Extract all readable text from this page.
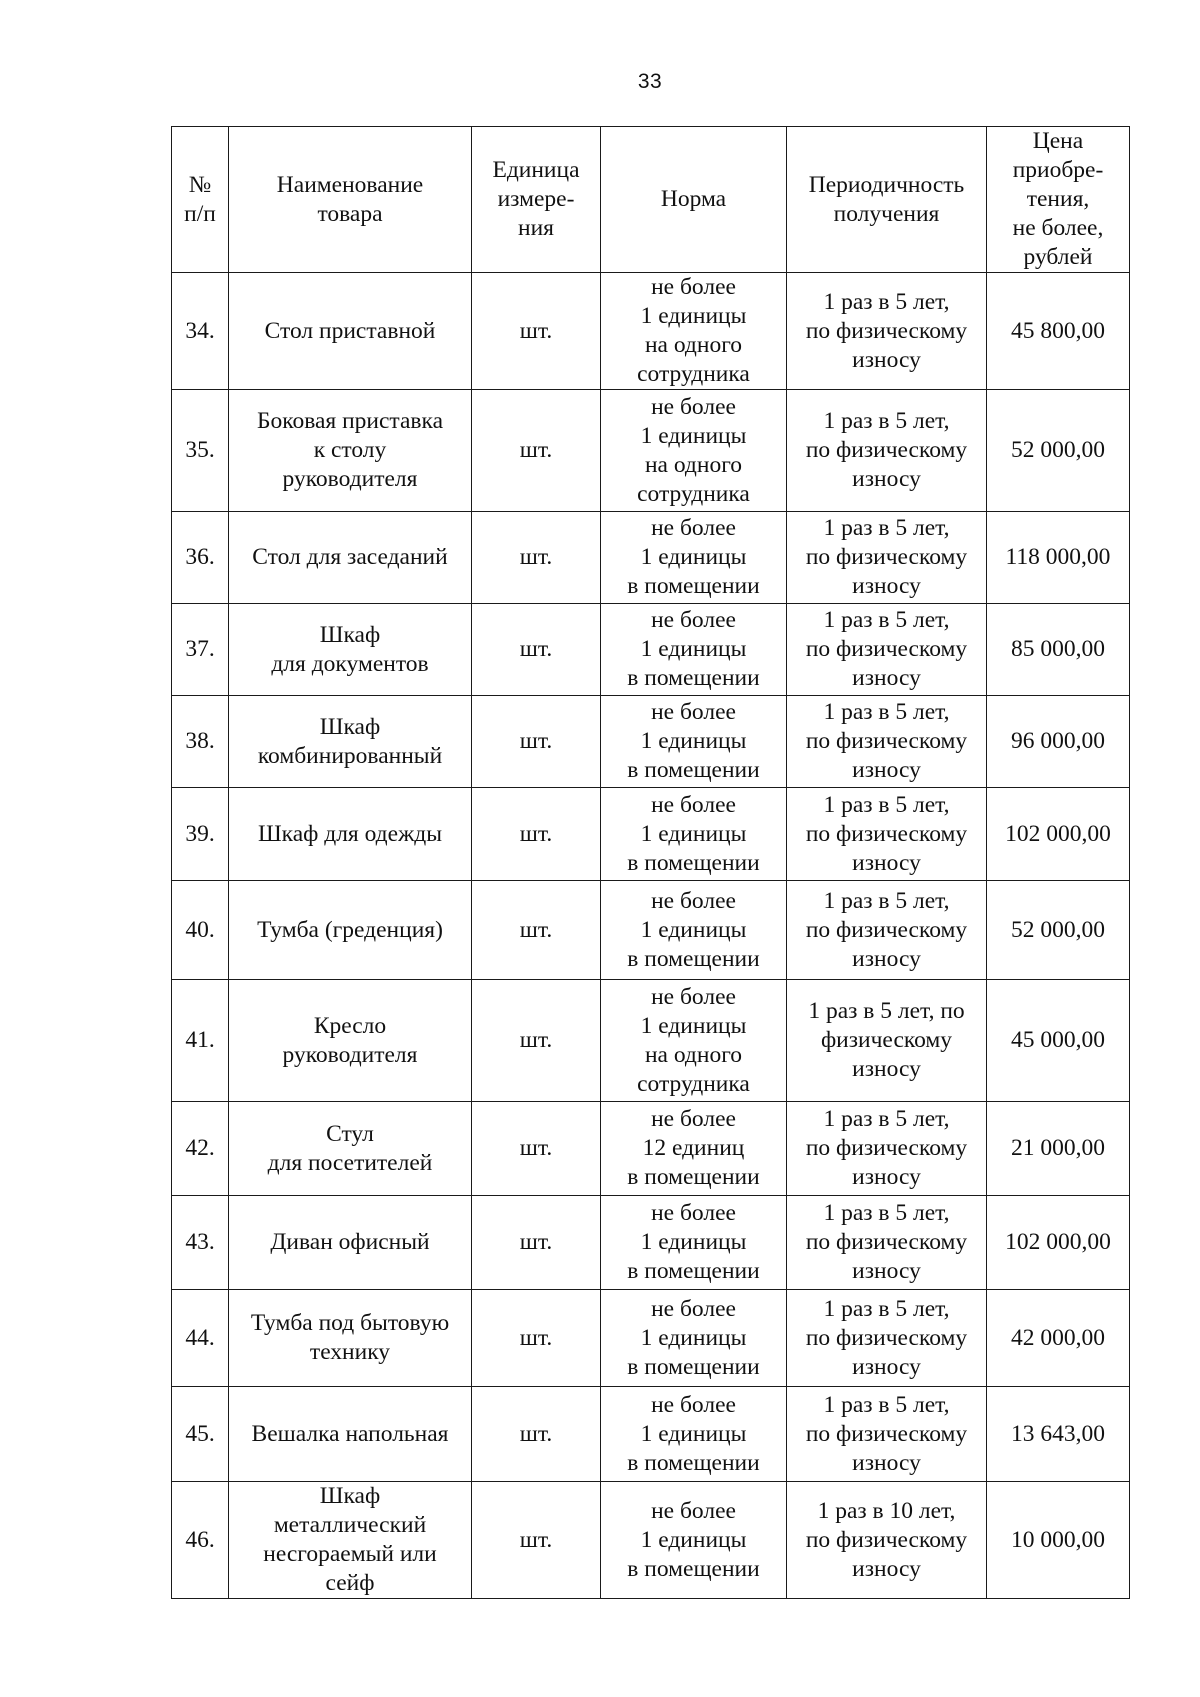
33
№
п/п	Наименование
товара	Единица
измере-
ния	Норма	Периодичность
получения	Цена
приобре-
тения,
не более,
рублей

34.	Стол приставной	шт.	не более
1 единицы
на одного
сотрудника	1 раз в 5 лет,
по физическому
износу	45 800,00
35.	Боковая приставка
к столу
руководителя	шт.	не более
1 единицы
на одного
сотрудника	1 раз в 5 лет,
по физическому
износу	52 000,00
36.	Стол для заседаний	шт.	не более
1 единицы
в помещении	1 раз в 5 лет,
по физическому
износу	118 000,00
37.	Шкаф
для документов	шт.	не более
1 единицы
в помещении	1 раз в 5 лет,
по физическому
износу	85 000,00
38.	Шкаф
комбинированный	шт.	не более
1 единицы
в помещении	1 раз в 5 лет,
по физическому
износу	96 000,00
39.	Шкаф для одежды	шт.	не более
1 единицы
в помещении	1 раз в 5 лет,
по физическому
износу	102 000,00
40.	Тумба (греденция)	шт.	не более
1 единицы
в помещении	1 раз в 5 лет,
по физическому
износу	52 000,00
41.	Кресло
руководителя	шт.	не более
1 единицы
на одного
сотрудника	1 раз в 5 лет, по
физическому
износу	45 000,00
42.	Стул
для посетителей	шт.	не более
12 единиц
в помещении	1 раз в 5 лет,
по физическому
износу	21 000,00
43.	Диван офисный	шт.	не более
1 единицы
в помещении	1 раз в 5 лет,
по физическому
износу	102 000,00
44.	Тумба под бытовую
технику	шт.	не более
1 единицы
в помещении	1 раз в 5 лет,
по физическому
износу	42 000,00
45.	Вешалка напольная	шт.	не более
1 единицы
в помещении	1 раз в 5 лет,
по физическому
износу	13 643,00
46.	Шкаф
металлический
несгораемый или
сейф	шт.	не более
1 единицы
в помещении	1 раз в 10 лет,
по физическому
износу	10 000,00
